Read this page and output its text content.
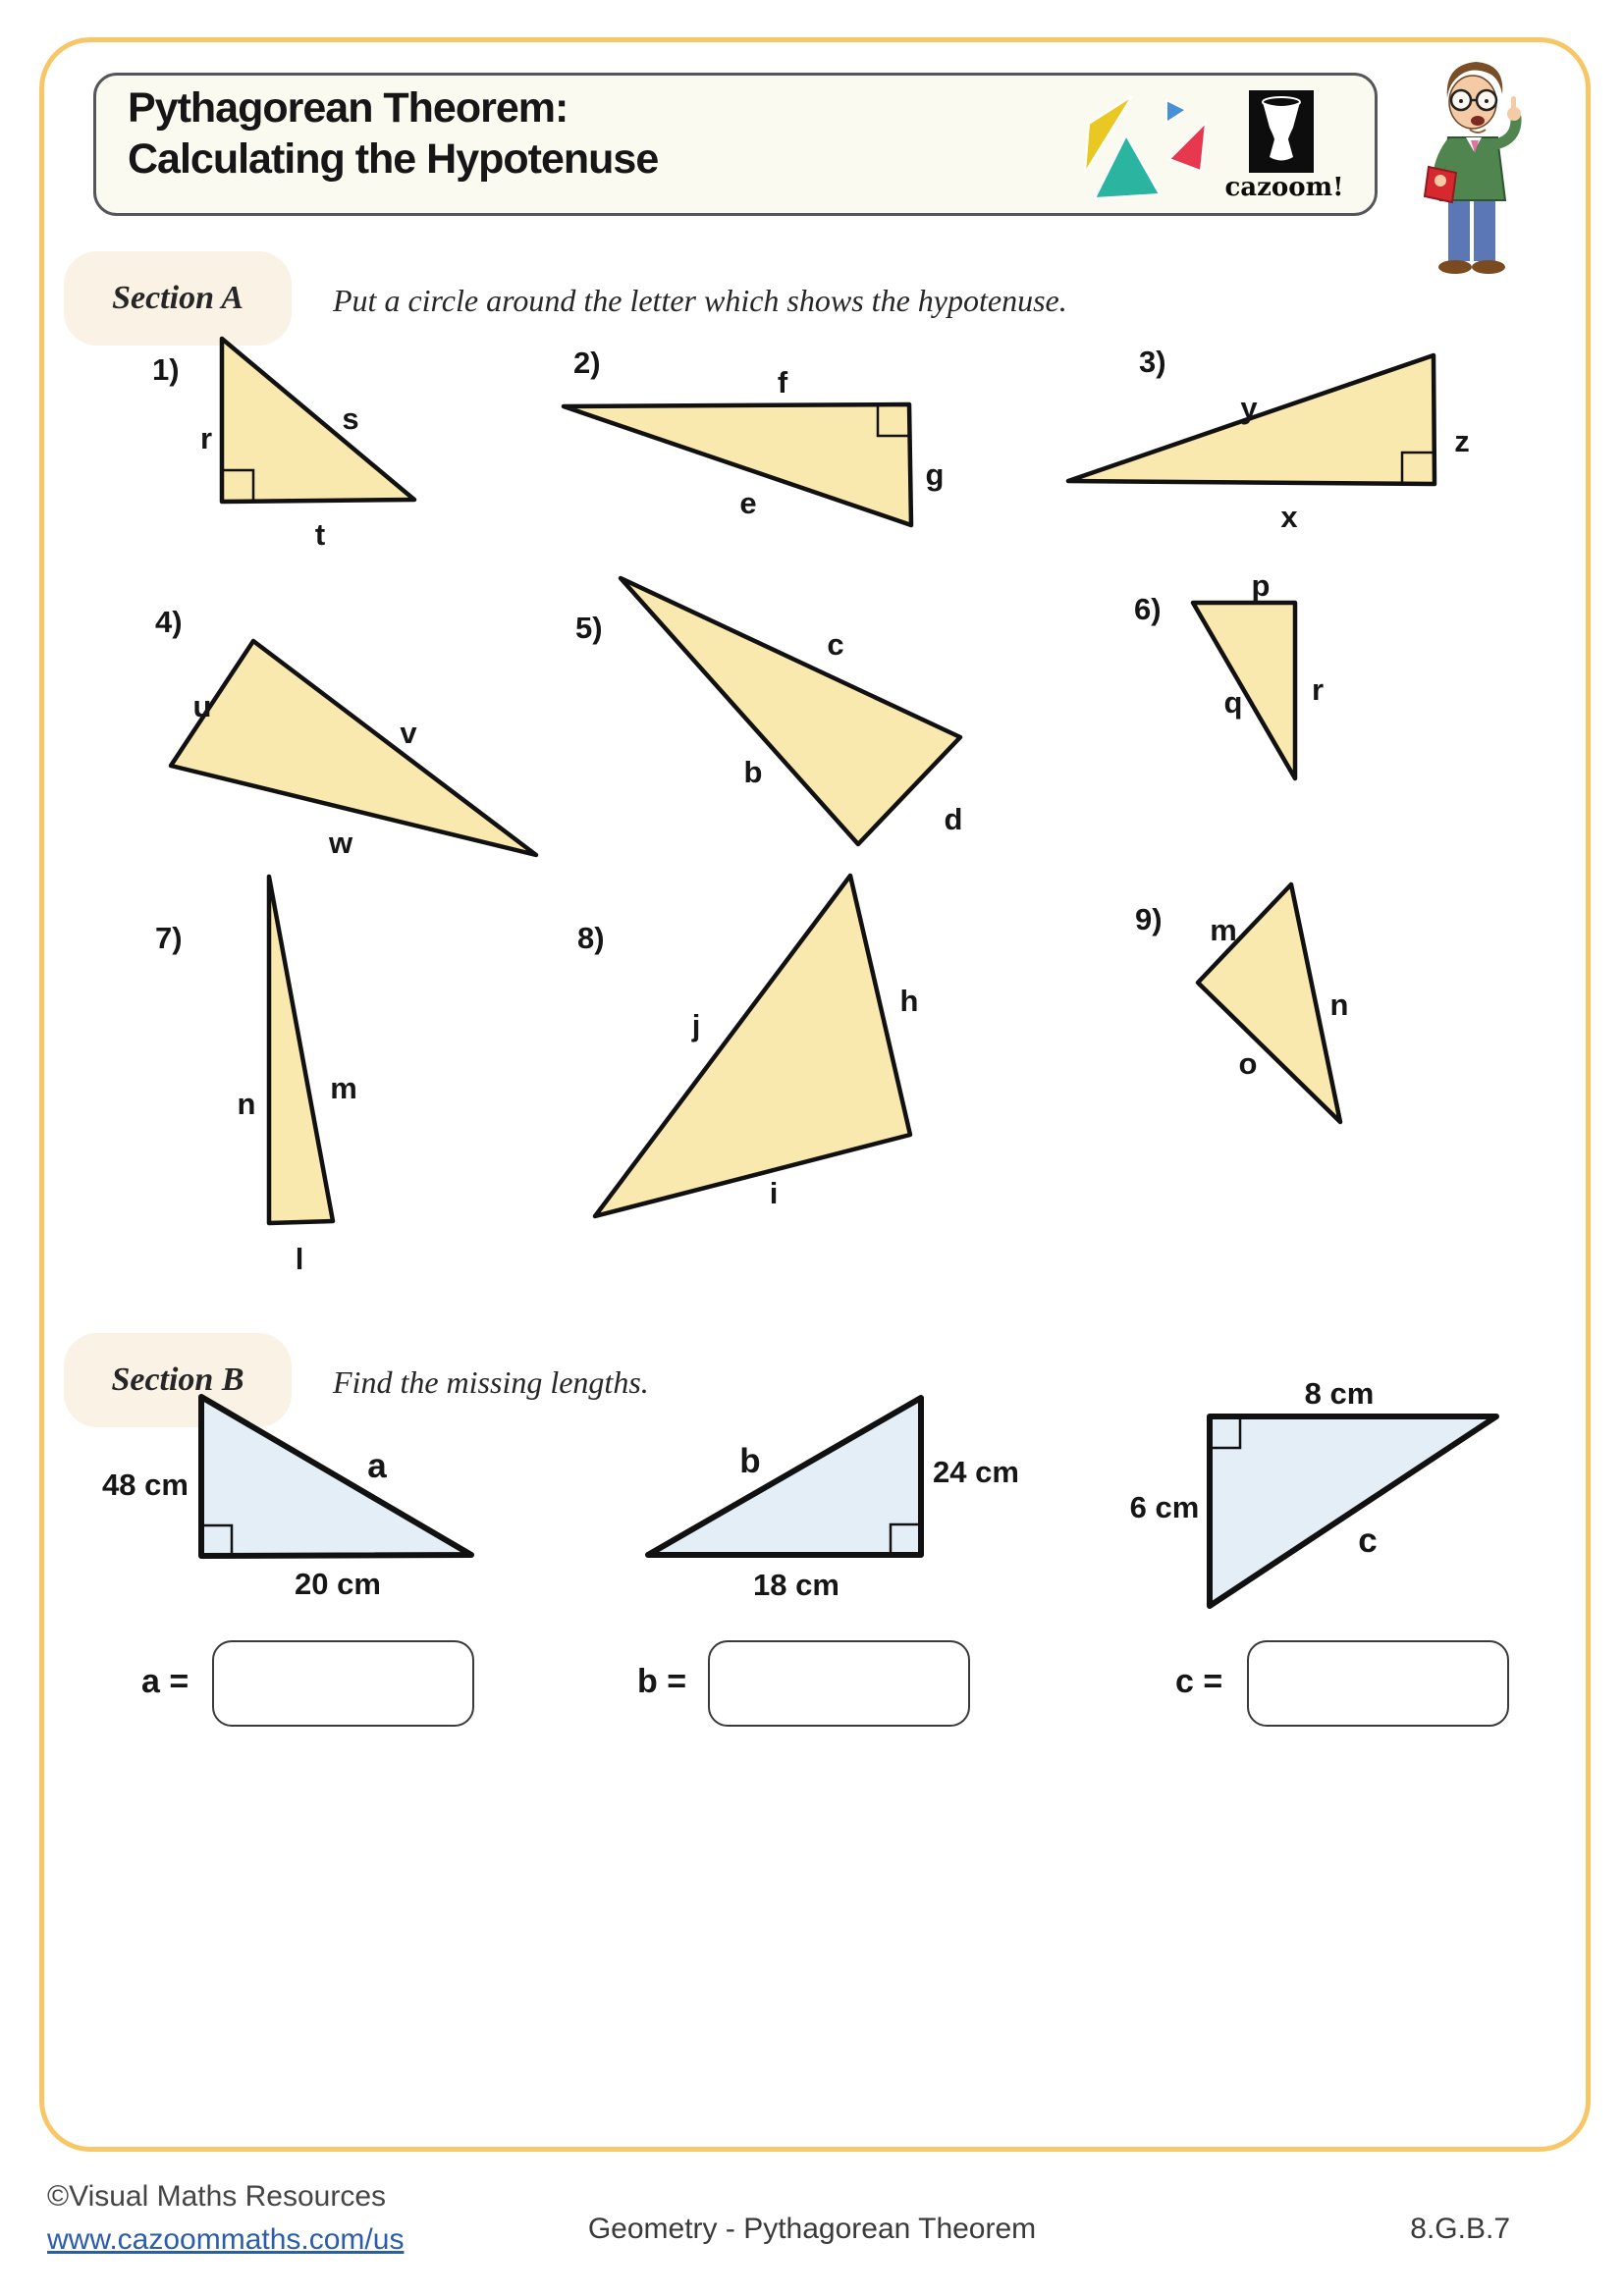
Pythagorean Theorem:
Calculating the Hypotenuse
cazoom!
Section A	Put a circle around the letter which shows the hypotenuse.
1)
r
s
t
2)
f
e
g
3)
y
z
x
4)
u
v
w
5)	c
b
d
6)
p
q r
7)
n m
l
8)
j
h
i
9) m
n
o
Section B	Find the missing lengths.
48 cm	a
20 cm
b	24 cm
18 cm
8 cm
6 cm
c
a =	b =	c =
©Visual Maths Resources
www.cazoommaths.com/us	Geometry - Pythagorean Theorem	8.G.B.7
